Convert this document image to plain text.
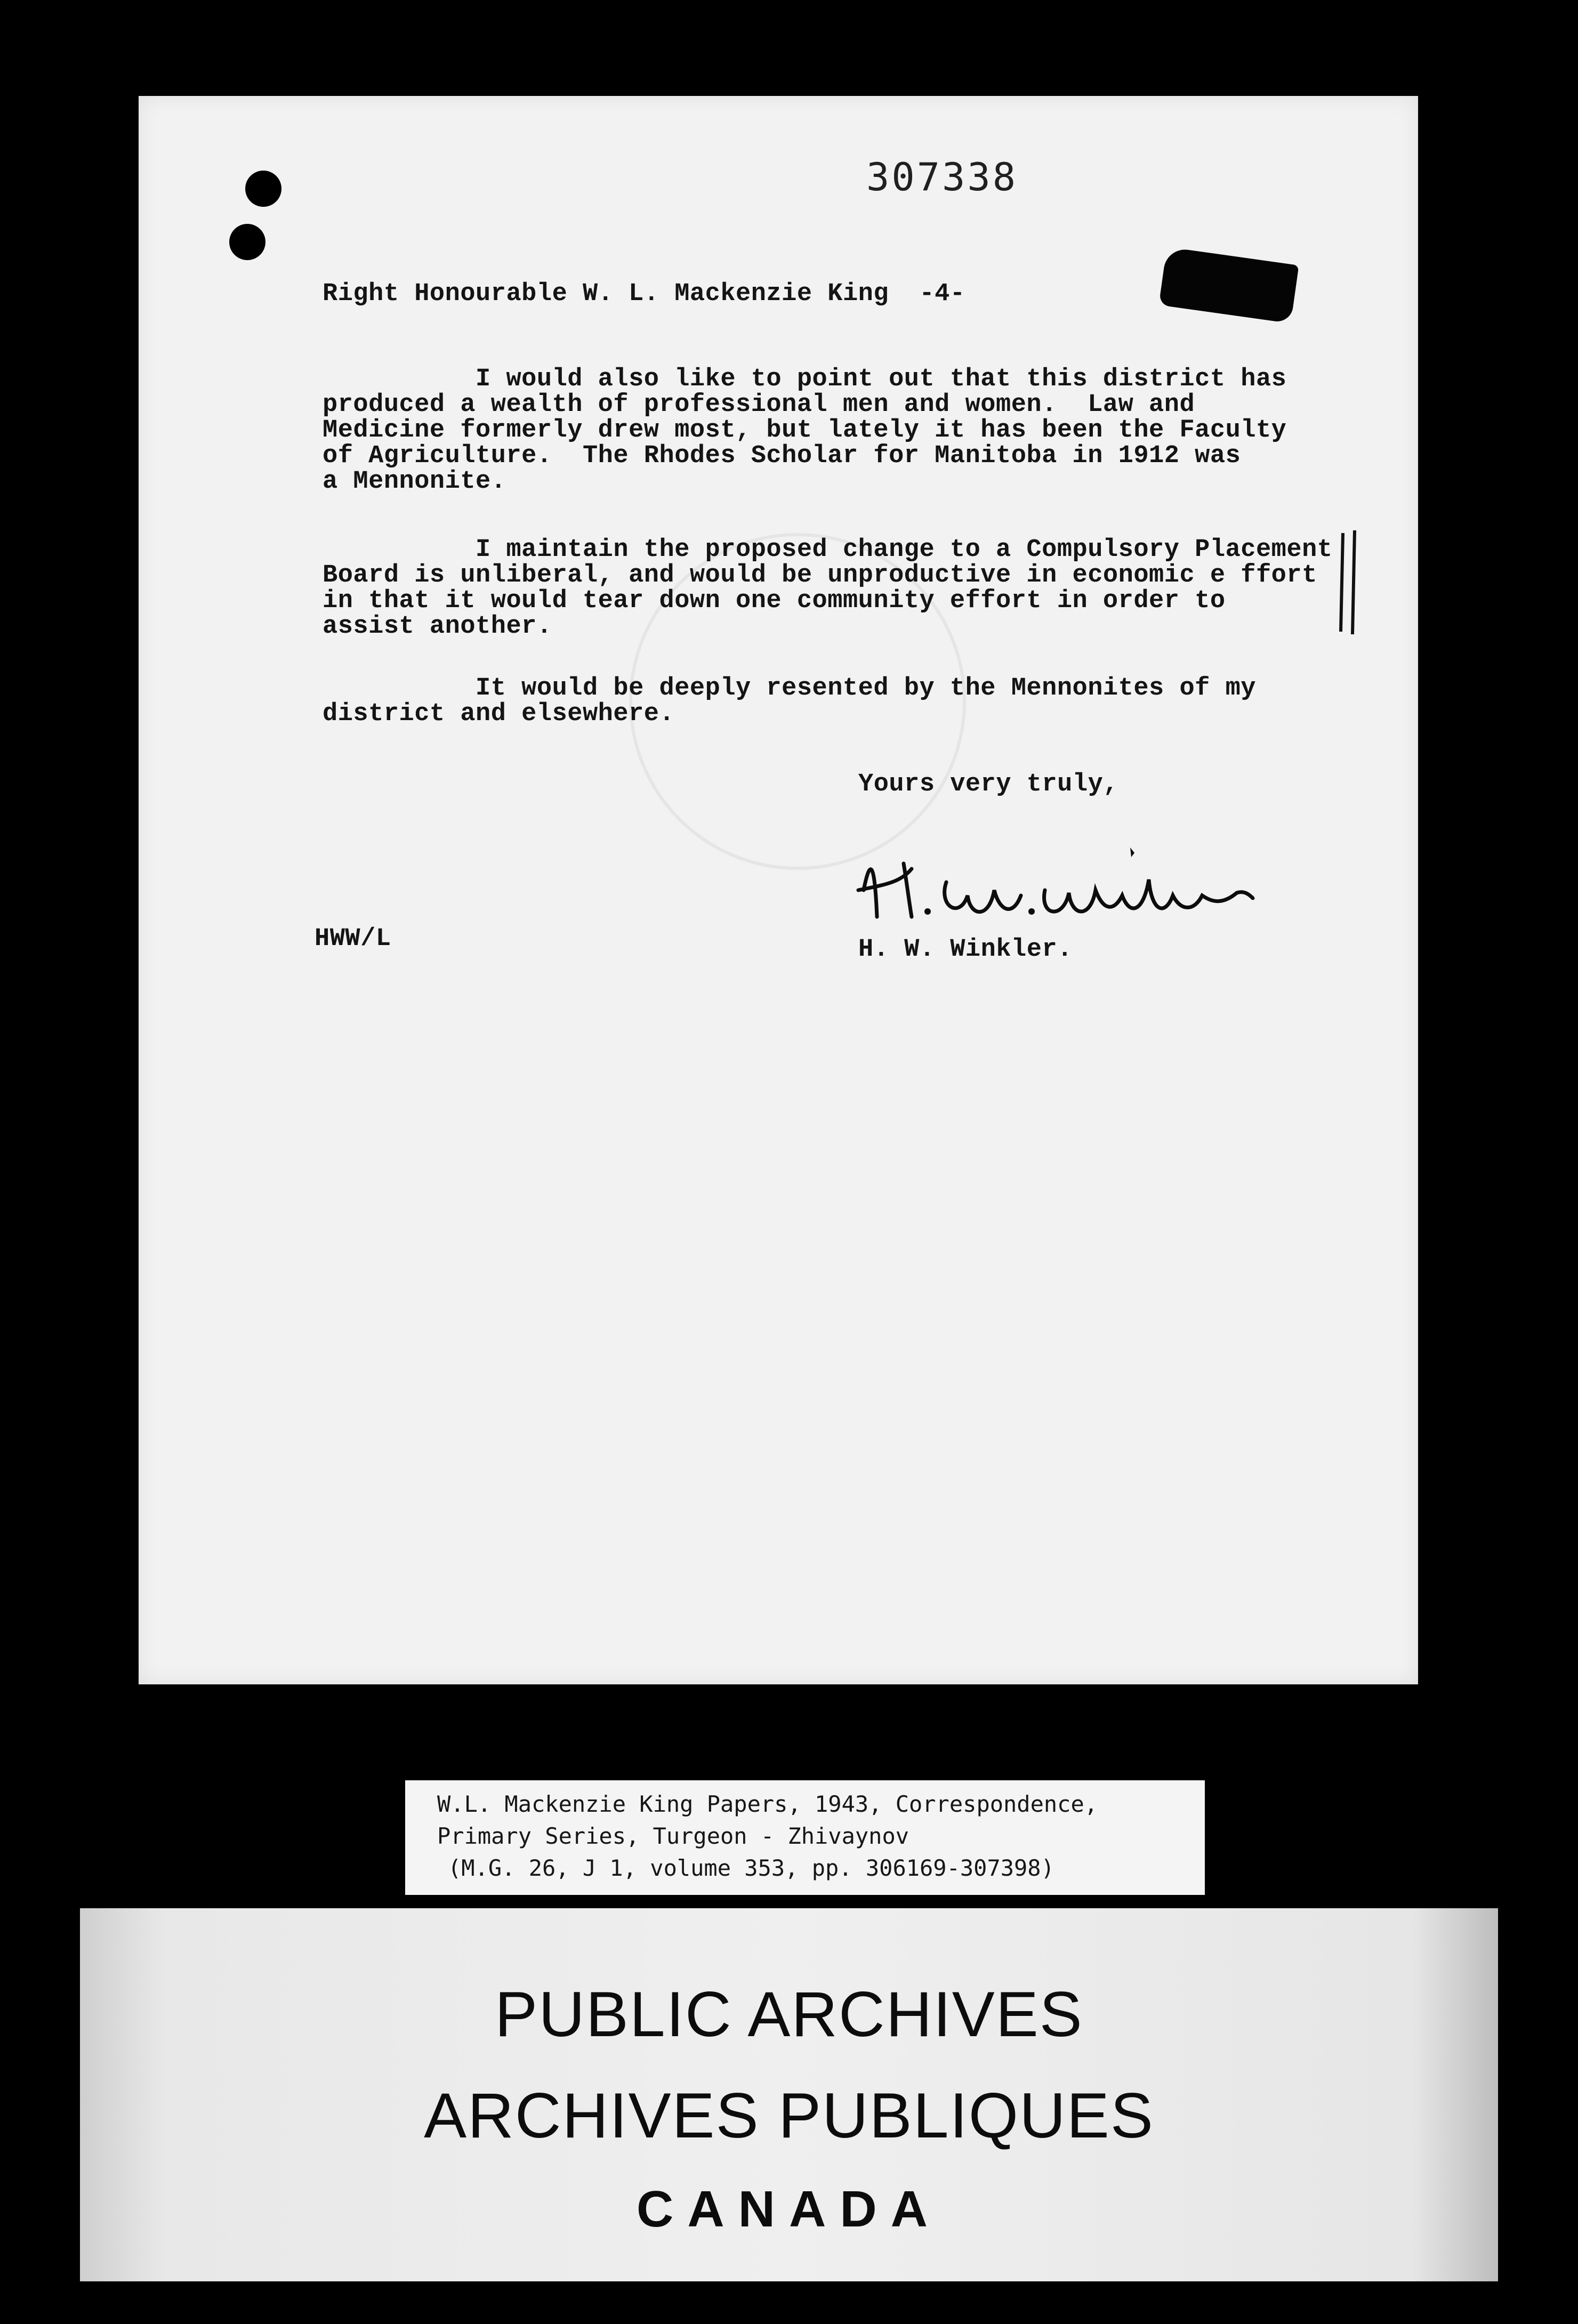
307338
Right Honourable W. L. Mackenzie King  -4-
I would also like to point out that this district has
produced a wealth of professional men and women.  Law and
Medicine formerly drew most, but lately it has been the Faculty
of Agriculture.  The Rhodes Scholar for Manitoba in 1912 was
a Mennonite.
I maintain the proposed change to a Compulsory Placement
Board is unliberal, and would be unproductive in economic e ffort
in that it would tear down one community effort in order to
assist another.
It would be deeply resented by the Mennonites of my
district and elsewhere.
Yours very truly,
HWW/L	H. W. Winkler.
W.L. Mackenzie King Papers, 1943, Correspondence,
Primary Series, Turgeon - Zhivaynov
(M.G. 26, J 1, volume 353, pp. 306169-307398)
PUBLIC ARCHIVES
ARCHIVES PUBLIQUES
CANADA
